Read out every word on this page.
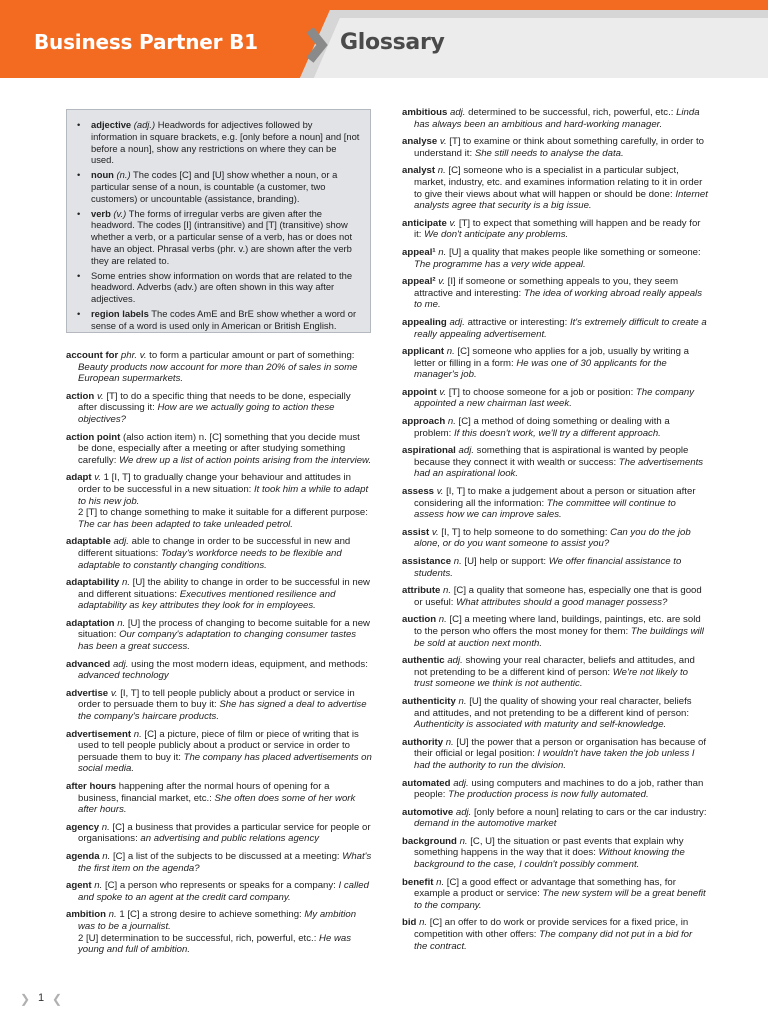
Business Partner B1	Glossary
• adjective (adj.) Headwords for adjectives followed by information in square brackets, e.g. [only before a noun] and [not before a noun], show any restrictions on where they can be used.
• noun (n.) The codes [C] and [U] show whether a noun, or a particular sense of a noun, is countable (a customer, two customers) or uncountable (assistance, branding).
• verb (v.) The forms of irregular verbs are given after the headword. The codes [I] (intransitive) and [T] (transitive) show whether a verb, or a particular sense of a verb, has or does not have an object. Phrasal verbs (phr. v.) are shown after the verb they are related to.
• Some entries show information on words that are related to the headword. Adverbs (adv.) are often shown in this way after adjectives.
• region labels The codes AmE and BrE show whether a word or sense of a word is used only in American or British English.
account for phr. v. to form a particular amount or part of something: Beauty products now account for more than 20% of sales in some European supermarkets.
action v. [T] to do a specific thing that needs to be done, especially after discussing it: How are we actually going to action these objectives?
action point (also action item) n. [C] something that you decide must be done, especially after a meeting or after studying something carefully: We drew up a list of action points arising from the interview.
adapt v. 1 [I, T] to gradually change your behaviour and attitudes in order to be successful in a new situation: It took him a while to adapt to his new job.
2 [T] to change something to make it suitable for a different purpose: The car has been adapted to take unleaded petrol.
adaptable adj. able to change in order to be successful in new and different situations: Today's workforce needs to be flexible and adaptable to constantly changing conditions.
adaptability n. [U] the ability to change in order to be successful in new and different situations: Executives mentioned resilience and adaptability as key attributes they look for in employees.
adaptation n. [U] the process of changing to become suitable for a new situation: Our company's adaptation to changing consumer tastes has been a great success.
advanced adj. using the most modern ideas, equipment, and methods: advanced technology
advertise v. [I, T] to tell people publicly about a product or service in order to persuade them to buy it: She has signed a deal to advertise the company's haircare products.
advertisement n. [C] a picture, piece of film or piece of writing that is used to tell people publicly about a product or service in order to persuade them to buy it: The company has placed advertisements on social media.
after hours happening after the normal hours of opening for a business, financial market, etc.: She often does some of her work after hours.
agency n. [C] a business that provides a particular service for people or organisations: an advertising and public relations agency
agenda n. [C] a list of the subjects to be discussed at a meeting: What's the first item on the agenda?
agent n. [C] a person who represents or speaks for a company: I called and spoke to an agent at the credit card company.
ambition n. 1 [C] a strong desire to achieve something: My ambition was to be a journalist.
2 [U] determination to be successful, rich, powerful, etc.: He was young and full of ambition.
ambitious adj. determined to be successful, rich, powerful, etc.: Linda has always been an ambitious and hard-working manager.
analyse v. [T] to examine or think about something carefully, in order to understand it: She still needs to analyse the data.
analyst n. [C] someone who is a specialist in a particular subject, market, industry, etc. and examines information relating to it in order to give their views about what will happen or should be done: Internet analysts agree that security is a big issue.
anticipate v. [T] to expect that something will happen and be ready for it: We don't anticipate any problems.
appeal¹ n. [U] a quality that makes people like something or someone: The programme has a very wide appeal.
appeal² v. [I] if someone or something appeals to you, they seem attractive and interesting: The idea of working abroad really appeals to me.
appealing adj. attractive or interesting: It's extremely difficult to create a really appealing advertisement.
applicant n. [C] someone who applies for a job, usually by writing a letter or filling in a form: He was one of 30 applicants for the manager's job.
appoint v. [T] to choose someone for a job or position: The company appointed a new chairman last week.
approach n. [C] a method of doing something or dealing with a problem: If this doesn't work, we'll try a different approach.
aspirational adj. something that is aspirational is wanted by people because they connect it with wealth or success: The advertisements had an aspirational look.
assess v. [I, T] to make a judgement about a person or situation after considering all the information: The committee will continue to assess how we can improve sales.
assist v. [I, T] to help someone to do something: Can you do the job alone, or do you want someone to assist you?
assistance n. [U] help or support: We offer financial assistance to students.
attribute n. [C] a quality that someone has, especially one that is good or useful: What attributes should a good manager possess?
auction n. [C] a meeting where land, buildings, paintings, etc. are sold to the person who offers the most money for them: The buildings will be sold at auction next month.
authentic adj. showing your real character, beliefs and attitudes, and not pretending to be a different kind of person: We're not likely to trust someone we think is not authentic.
authenticity n. [U] the quality of showing your real character, beliefs and attitudes, and not pretending to be a different kind of person: Authenticity is associated with maturity and self-knowledge.
authority n. [U] the power that a person or organisation has because of their official or legal position: I wouldn't have taken the job unless I had the authority to run the division.
automated adj. using computers and machines to do a job, rather than people: The production process is now fully automated.
automotive adj. [only before a noun] relating to cars or the car industry: demand in the automotive market
background n. [C, U] the situation or past events that explain why something happens in the way that it does: Without knowing the background to the case, I couldn't possibly comment.
benefit n. [C] a good effect or advantage that something has, for example a product or service: The new system will be a great benefit to the company.
bid n. [C] an offer to do work or provide services for a fixed price, in competition with other offers: The company did not put in a bid for the contract.
❯ 1 ❮
